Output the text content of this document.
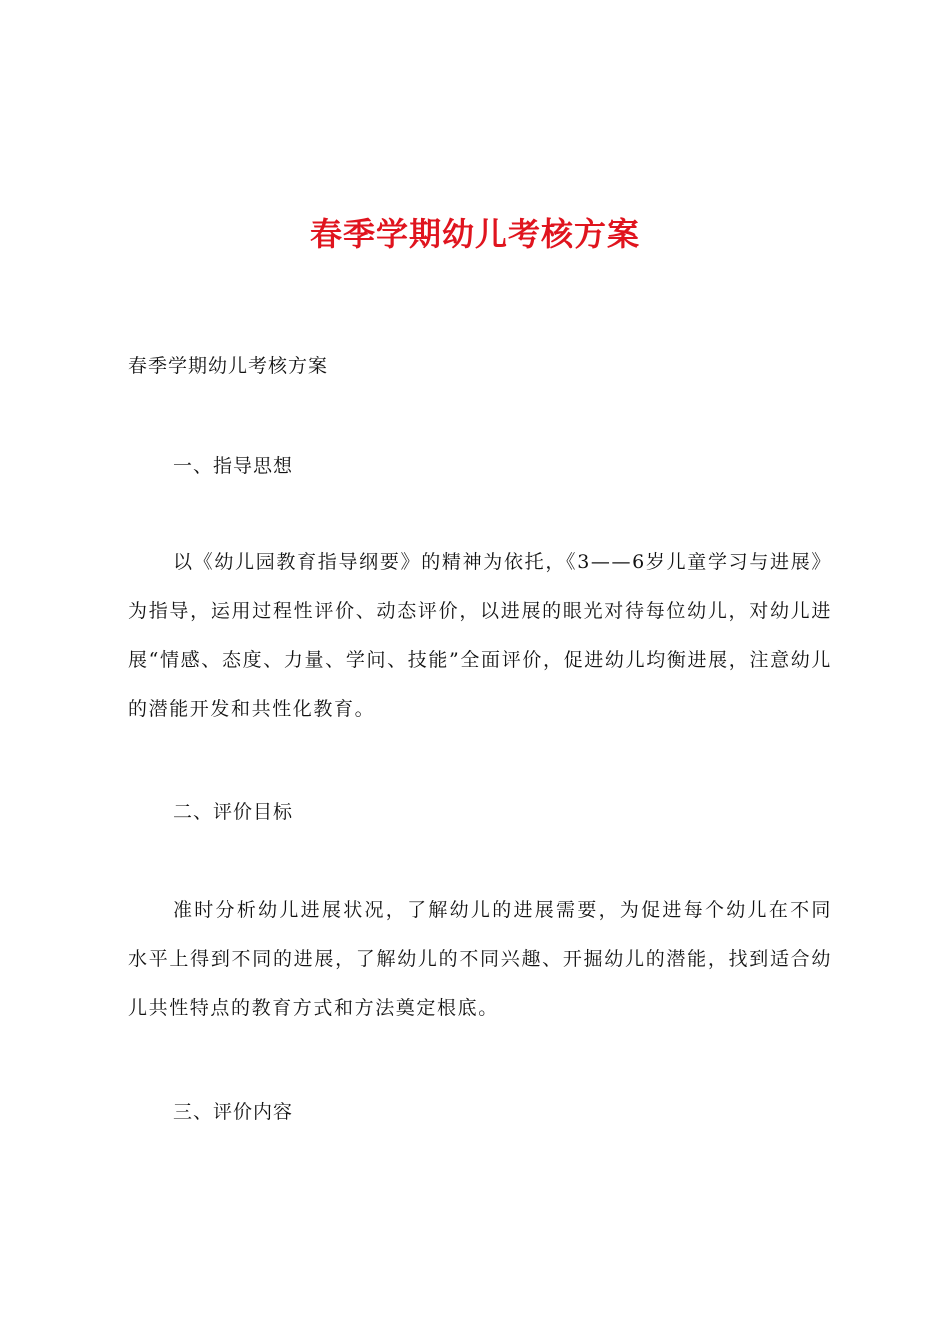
春季学期幼儿考核方案
春季学期幼儿考核方案
一、指导思想
以《幼儿园教育指导纲要》的精神为依托，《3——6岁儿童学习与进展》为指导，运用过程性评价、动态评价，以进展的眼光对待每位幼儿，对幼儿进展“情感、态度、力量、学问、技能”全面评价，促进幼儿均衡进展，注意幼儿的潜能开发和共性化教育。
二、评价目标
准时分析幼儿进展状况，了解幼儿的进展需要，为促进每个幼儿在不同水平上得到不同的进展，了解幼儿的不同兴趣、开掘幼儿的潜能，找到适合幼儿共性特点的教育方式和方法奠定根底。
三、评价内容
